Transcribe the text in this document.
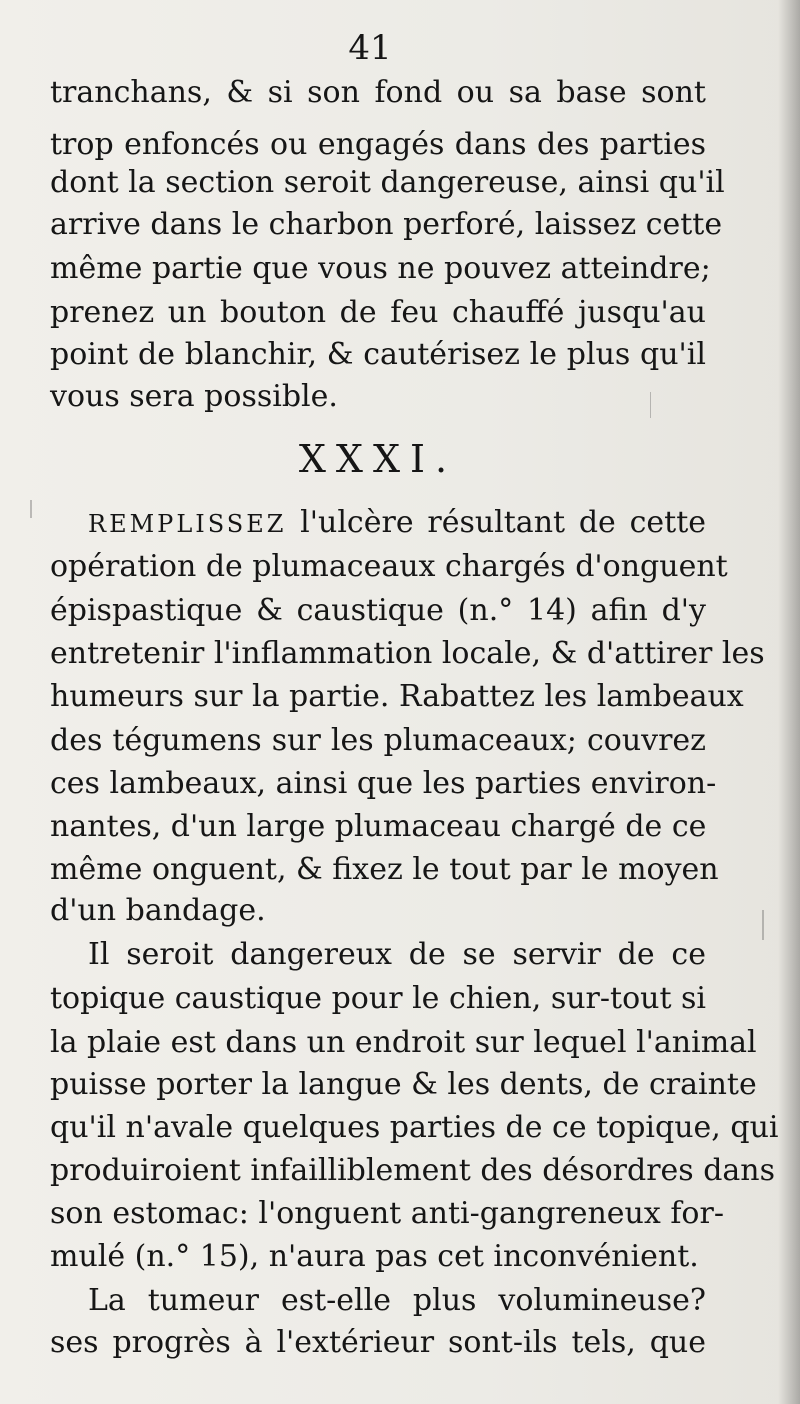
41
tranchans, & si son fond ou sa base sont
trop enfoncés ou engagés dans des parties
dont la section seroit dangereuse, ainsi qu'il
arrive dans le charbon perforé, laissez cette
même partie que vous ne pouvez atteindre;
prenez un bouton de feu chauffé jusqu'au
point de blanchir, & cautérisez le plus qu'il
vous sera possible.
XXXI.
REMPLISSEZ l'ulcère résultant de cette
opération de plumaceaux chargés d'onguent
épispastique & caustique (n.° 14) afin d'y
entretenir l'inflammation locale, & d'attirer les
humeurs sur la partie. Rabattez les lambeaux
des tégumens sur les plumaceaux; couvrez
ces lambeaux, ainsi que les parties environ-
nantes, d'un large plumaceau chargé de ce
même onguent, & fixez le tout par le moyen
d'un bandage.
Il seroit dangereux de se servir de ce
topique caustique pour le chien, sur-tout si
la plaie est dans un endroit sur lequel l'animal
puisse porter la langue & les dents, de crainte
qu'il n'avale quelques parties de ce topique, qui
produiroient infailliblement des désordres dans
son estomac: l'onguent anti-gangreneux for-
mulé (n.° 15), n'aura pas cet inconvénient.
La tumeur est-elle plus volumineuse?
ses progrès à l'extérieur sont-ils tels, que
